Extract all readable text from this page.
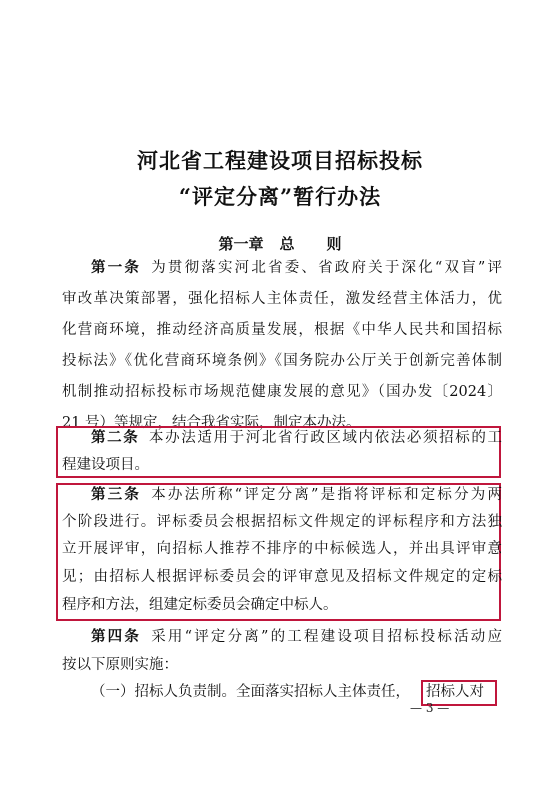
河北省工程建设项目招标投标
“评定分离”暂行办法
第一章 总 则
第一条 为贯彻落实河北省委、省政府关于深化“双盲”评
审改革决策部署，强化招标人主体责任，激发经营主体活力，优
化营商环境，推动经济高质量发展，根据《中华人民共和国招标
投标法》《优化营商环境条例》《国务院办公厅关于创新完善体制
机制推动招标投标市场规范健康发展的意见》（国办发〔2024〕
21 号）等规定，结合我省实际，制定本办法。
第二条 本办法适用于河北省行政区域内依法必须招标的工
程建设项目。
第三条 本办法所称“评定分离”是指将评标和定标分为两
个阶段进行。评标委员会根据招标文件规定的评标程序和方法独
立开展评审，向招标人推荐不排序的中标候选人，并出具评审意
见；由招标人根据评标委员会的评审意见及招标文件规定的定标
程序和方法，组建定标委员会确定中标人。
第四条 采用“评定分离”的工程建设项目招标投标活动应
按以下原则实施：
（一）招标人负责制。全面落实招标人主体责任，	招标人对
— 3 —
